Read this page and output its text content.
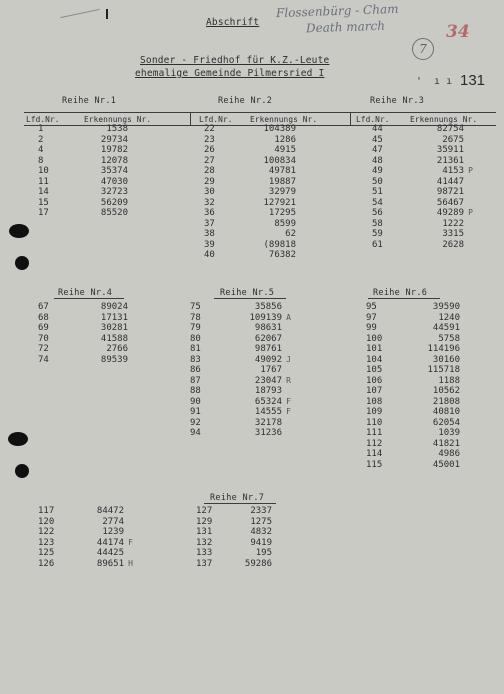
Abschrift
Flossenbürg - Cham
Death march
7
34
Sonder - Friedhof für K.Z.-Leute
ehemalige Gemeinde Pilmersried I
'  ı ı 131
Reihe Nr.1	Reihe Nr.2	Reihe Nr.3
Lfd.Nr.	Erkennungs Nr.	Lfd.Nr. Erkennungs Nr.	Lfd.Nr.	Erkennungs Nr.
1	1538
2	29734
4	19782
8	12078
10	35374
11	47030
14	32723
15	56209
17	85520
22	104389
23	1286
26	4915
27	100834
28	49781
29	19887
30	32979
32	127921
36	17295
37	8599
38	62
39	(89818
40	76382
44	82754
45	2675
47	35911
48	21361
49	4153 P
50	41447
51	98721
54	56467
56	49289 P
58	1222
59	3315
61	2628
Reihe Nr.4	Reihe Nr.5	Reihe Nr.6
67	89024
68	17131
69	30281
70	41588
72	2766
74	89539
75	35856
78	109139 A
79	98631
80	62067
81	98761
83	49092 J
86	1767
87	23047 R
88	18793
90	65324 F
91	14555 F
92	32178
94	31236
95	39590
97	1240
99	44591
100	5758
101	114196
104	30160
105	115718
106	1188
107	10562
108	21808
109	40810
110	62054
111	1039
112	41821
114	4986
115	45001
Reihe Nr.7
117	84472
120	2774
122	1239
123	44174 F
125	44425
126	89651 H
127	2337
129	1275
131	4832
132	9419
133	195
137	59286
